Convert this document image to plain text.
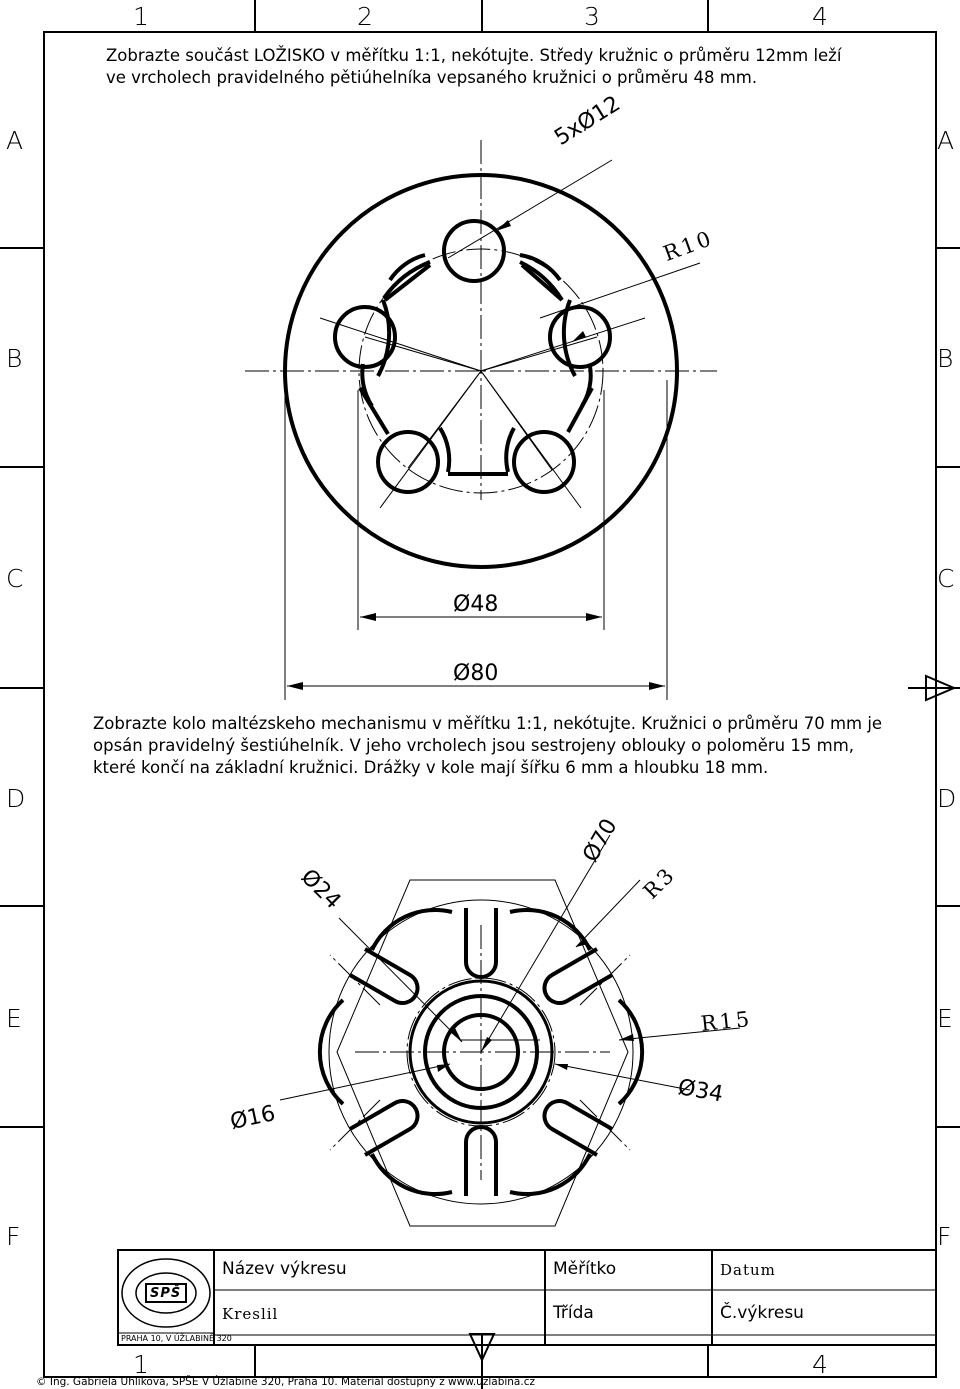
1	2	3	4
A
B
C
D
E
F
A
B
C
D
E
F
1	4
Zobrazte součást LOŽISKO v měřítku 1:1, nekótujte. Středy kružnic o průměru 12mm leží
ve vrcholech pravidelného pětiúhelníka vepsaného kružnici o průměru 48 mm.
5xØ12
R10
Ø48
Ø80
Zobrazte kolo maltézskeho mechanismu v měřítku 1:1, nekótujte. Kružnici o průměru 70 mm je
opsán pravidelný šestiúhelník. V jeho vrcholech jsou sestrojeny oblouky o poloměru 15 mm,
které končí na základní kružnici. Drážky v kole mají šířku 6 mm a hloubku 18 mm.
Ø24
Ø70
R3
R15
Ø16
Ø34
Název výkresu	Měřítko	Datum
Kreslil	Třída	Č.výkresu
SPŠ
PRAHA 10, V ÚŽLABINĚ 320
© Ing. Gabriela Uhlíková, SPŠE V Úžlabině 320, Praha 10. Materiál dostupný z www.uzlabina.cz
